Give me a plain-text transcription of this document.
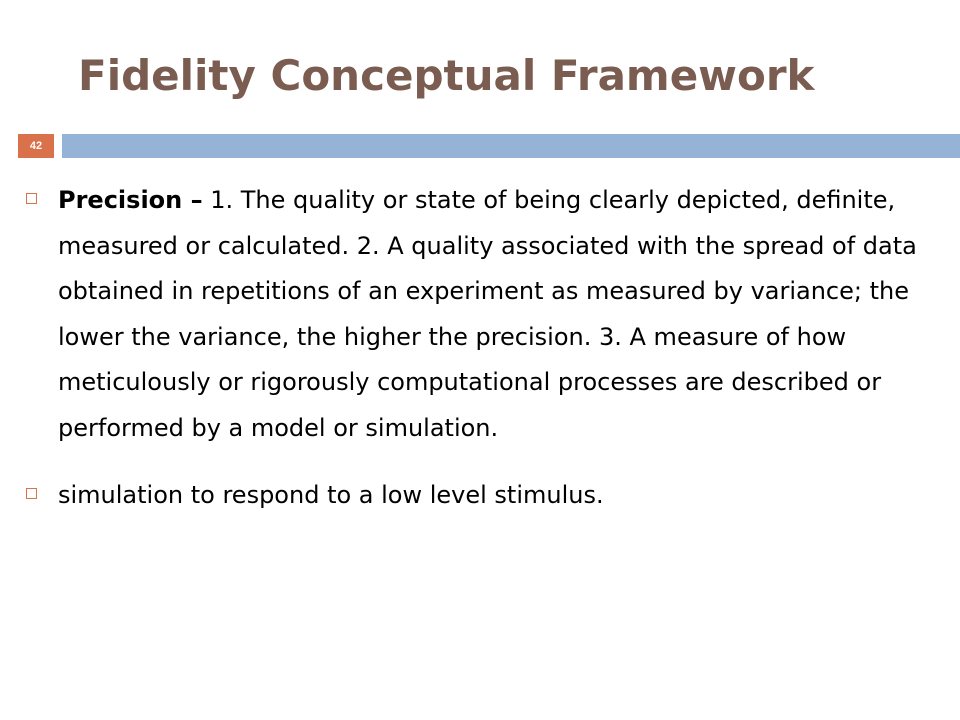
Fidelity Conceptual Framework
42
Precision – 1. The quality or state of being clearly depicted, definite, measured or calculated. 2. A quality associated with the spread of data obtained in repetitions of an experiment as measured by variance; the lower the variance, the higher the precision. 3. A measure of how meticulously or rigorously computational processes are described or performed by a model or simulation.
simulation to respond to a low level stimulus.
